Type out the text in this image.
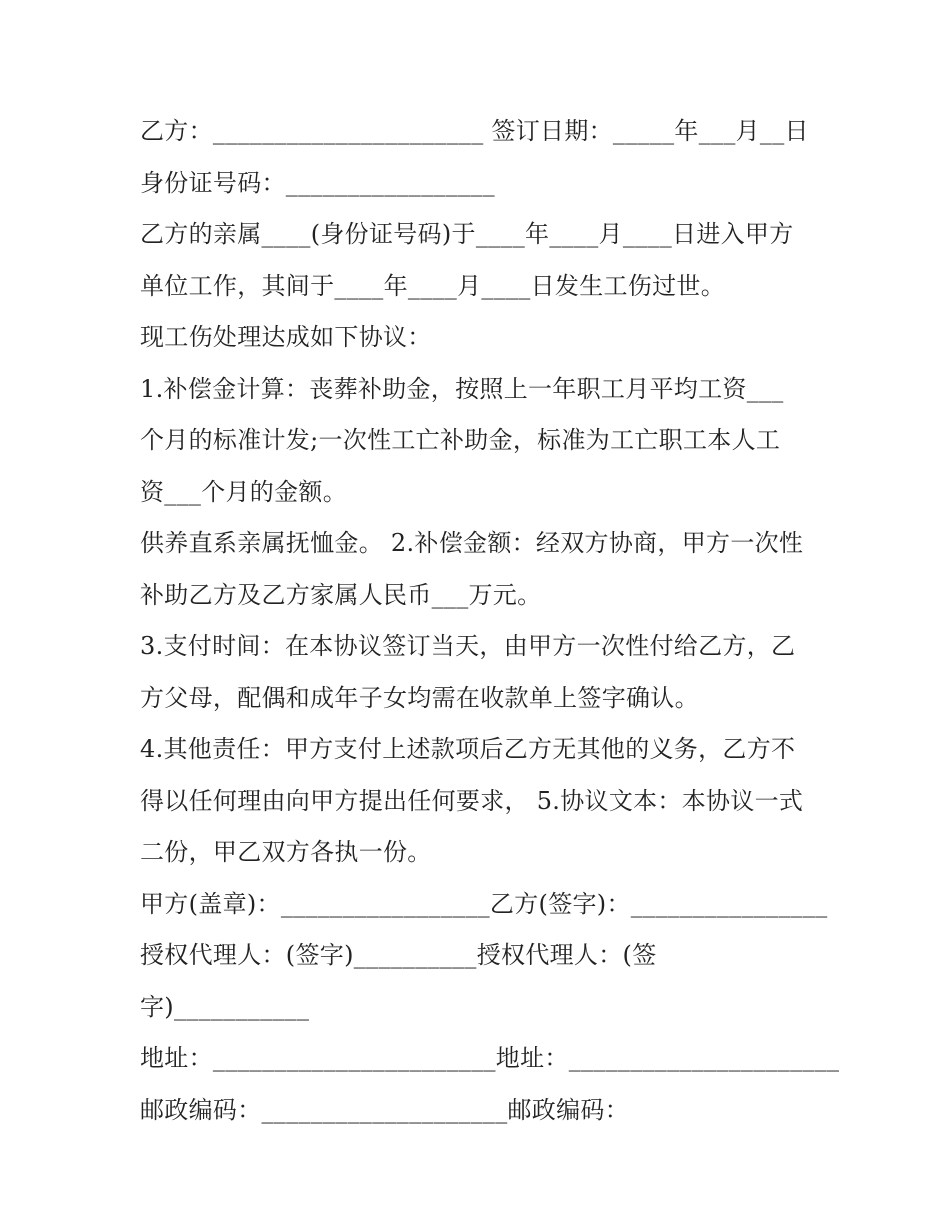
乙方：______________________ 签订日期：_____年___月__日
身份证号码：_________________
乙方的亲属____(身份证号码)于____年____月____日进入甲方
单位工作，其间于____年____月____日发生工伤过世。
现工伤处理达成如下协议：
1.补偿金计算：丧葬补助金，按照上一年职工月平均工资___
个月的标准计发;一次性工亡补助金，标准为工亡职工本人工
资___个月的金额。
供养直系亲属抚恤金。 2.补偿金额：经双方协商，甲方一次性
补助乙方及乙方家属人民币___万元。
3.支付时间：在本协议签订当天，由甲方一次性付给乙方，乙
方父母，配偶和成年子女均需在收款单上签字确认。
4.其他责任：甲方支付上述款项后乙方无其他的义务，乙方不
得以任何理由向甲方提出任何要求， 5.协议文本：本协议一式
二份，甲乙双方各执一份。
甲方(盖章)：_________________乙方(签字)：________________
授权代理人：(签字)__________授权代理人：(签
字)___________
地址：_______________________地址：______________________
邮政编码：____________________邮政编码：
